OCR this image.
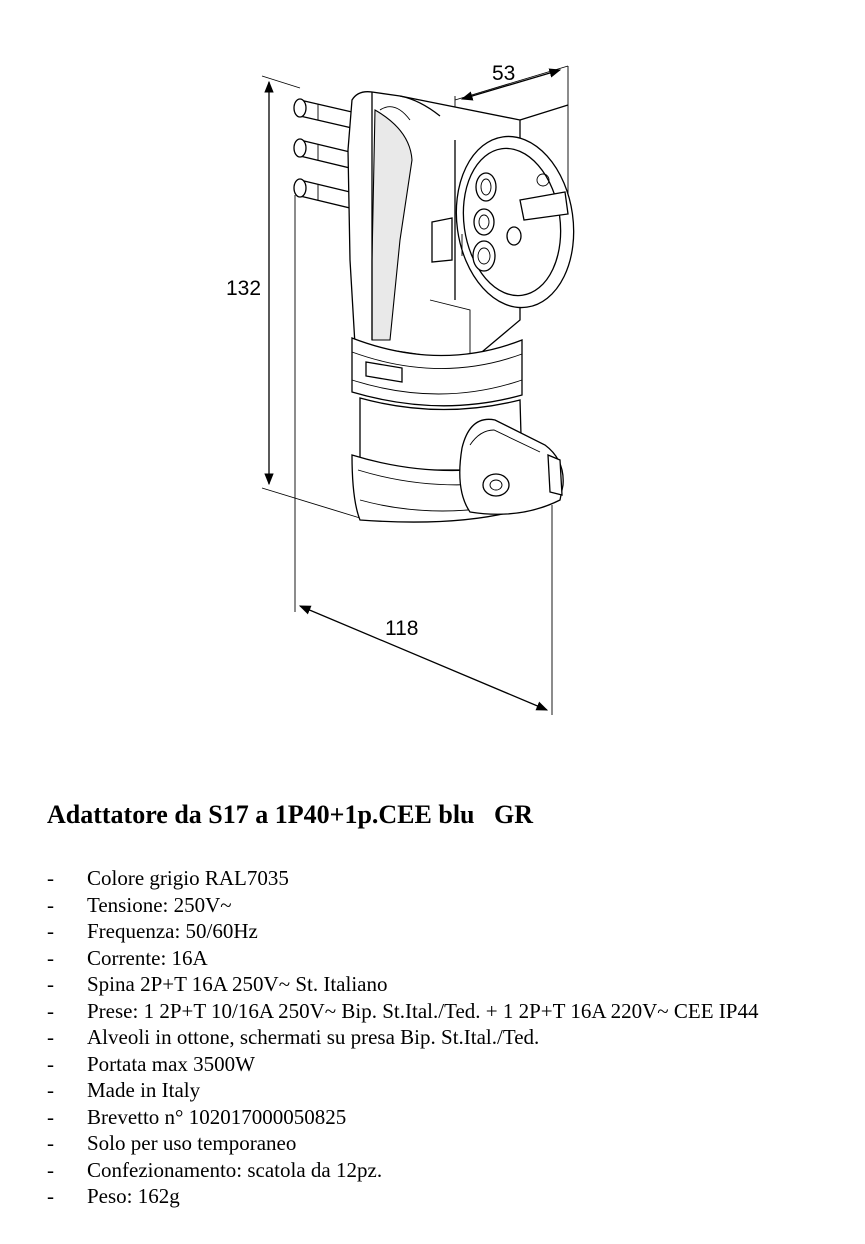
53
132
118
Adattatore da S17 a 1P40+1p.CEE blu   GR
- Colore grigio RAL7035
- Tensione: 250V~
- Frequenza: 50/60Hz
- Corrente: 16A
- Spina 2P+T 16A 250V~ St. Italiano
- Prese: 1 2P+T 10/16A 250V~ Bip. St.Ital./Ted. + 1 2P+T 16A 220V~ CEE IP44
- Alveoli in ottone, schermati su presa Bip. St.Ital./Ted.
- Portata max 3500W
- Made in Italy
- Brevetto n° 102017000050825
- Solo per uso temporaneo
- Confezionamento: scatola da 12pz.
- Peso: 162g
